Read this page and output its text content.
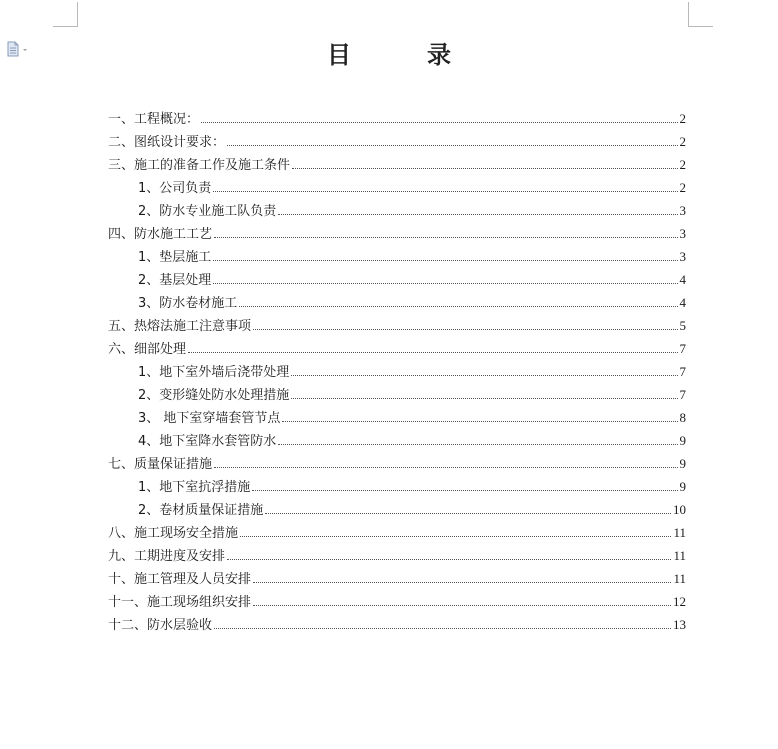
目　录
一、工程概况：	2
二、图纸设计要求：	2
三、施工的准备工作及施工条件	2
1、公司负责	2
2、防水专业施工队负责	3
四、防水施工工艺	3
1、垫层施工	3
2、基层处理	4
3、防水卷材施工	4
五、热熔法施工注意事项	5
六、细部处理	7
1、地下室外墙后浇带处理	7
2、变形缝处防水处理措施	7
3、 地下室穿墙套管节点	8
4、地下室降水套管防水	9
七、质量保证措施	9
1、地下室抗浮措施	9
2、卷材质量保证措施	10
八、施工现场安全措施	11
九、工期进度及安排	11
十、施工管理及人员安排	11
十一、施工现场组织安排	12
十二、防水层验收	13
